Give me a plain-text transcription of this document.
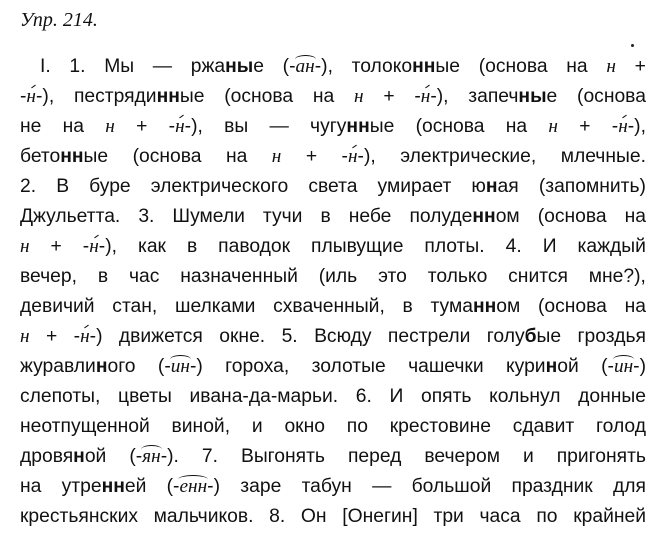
Упр. 214.
I. 1. Мы — ржаные (-ан-), толоконные (основа на н +
-н-), пестрядинные (основа на н + -н-), запечные (основа
не на н + -н-), вы — чугунные (основа на н + -н-),
бетонные (основа на н + -н-), электрические, млечные.
2. В буре электрического света умирает юная (запомнить)
Джульетта. 3. Шумели тучи в небе полуденном (основа на
н + -н-), как в паводок плывущие плоты. 4. И каждый
вечер, в час назначенный (иль это только снится мне?),
девичий стан, шелками схваченный, в туманном (основа на
н + -н-) движется окне. 5. Всюду пестрели голубые гроздья
журавлиного (-ин-) гороха, золотые чашечки куриной (-ин-)
слепоты, цветы ивана-да-марьи. 6. И опять кольнул донные
неотпущенной виной, и окно по крестовине сдавит голод
дровяной (-ян-). 7. Выгонять перед вечером и пригонять
на утренней (-енн-) заре табун — большой праздник для
крестьянских мальчиков. 8. Он [Онегин] три часа по крайней
